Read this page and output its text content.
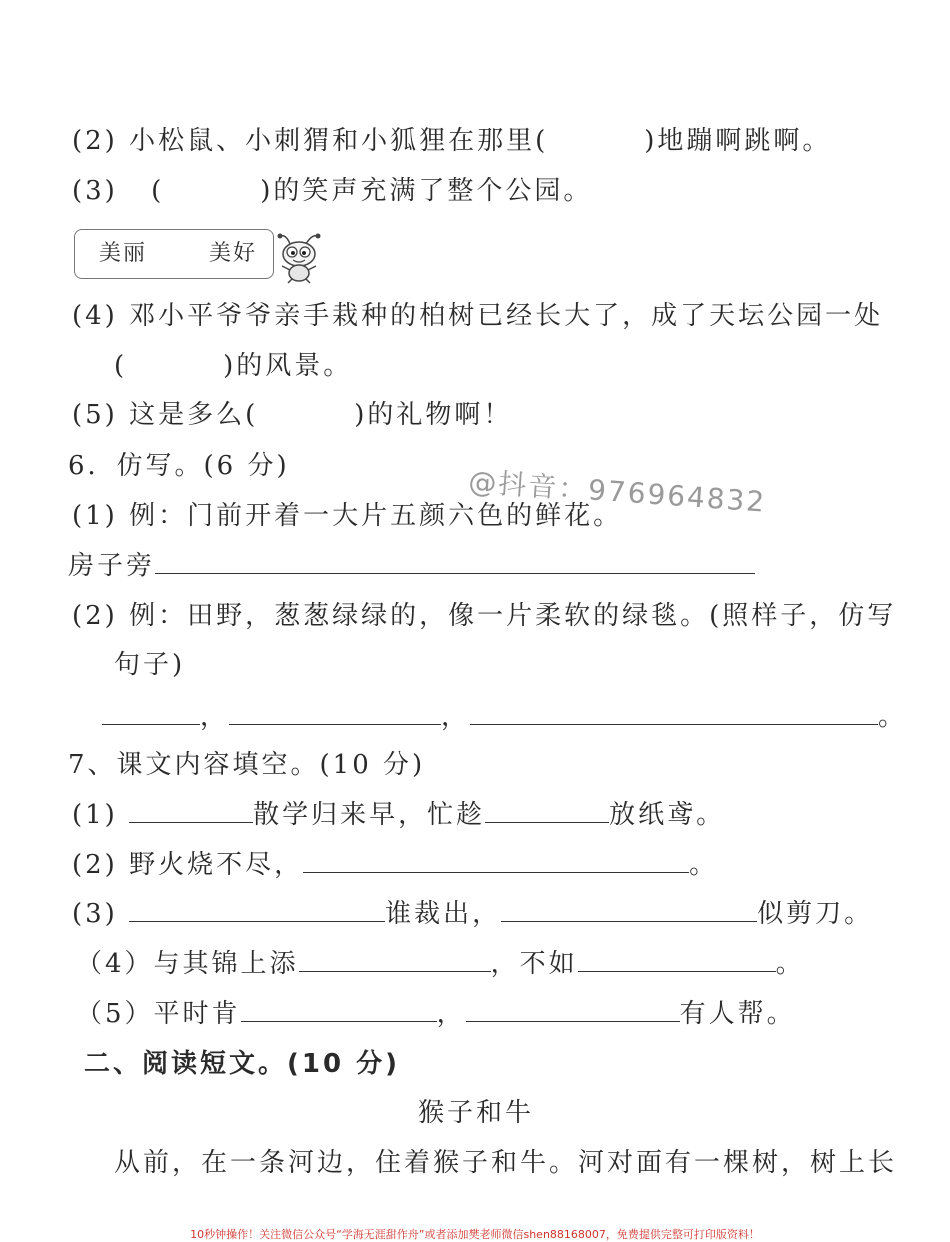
(2) 小松鼠、小刺猬和小狐狸在那里(	)地蹦啊跳啊。
(3) (	)的笑声充满了整个公园。
美丽	美好
(4) 邓小平爷爷亲手栽种的柏树已经长大了，成了天坛公园一处
(	)的风景。
(5) 这是多么(	)的礼物啊！
6．仿写。(6 分)	@抖音：976964832
(1) 例：门前开着一大片五颜六色的鲜花。
房子旁
(2) 例：田野，葱葱绿绿的，像一片柔软的绿毯。(照样子，仿写
句子)
，	，	。
7、课文内容填空。(10 分)
(1)	散学归来早，忙趁	放纸鸢。
(2) 野火烧不尽，	。
(3)	谁裁出，	似剪刀。
（4）与其锦上添	，不如	。
（5）平时肯	，	有人帮。
二、阅读短文。(10 分)
猴子和牛
从前，在一条河边，住着猴子和牛。河对面有一棵树，树上长
10秒钟操作！关注微信公众号“学海无涯甜作舟”或者添加樊老师微信shen88168007，免费提供完整可打印版资料！
